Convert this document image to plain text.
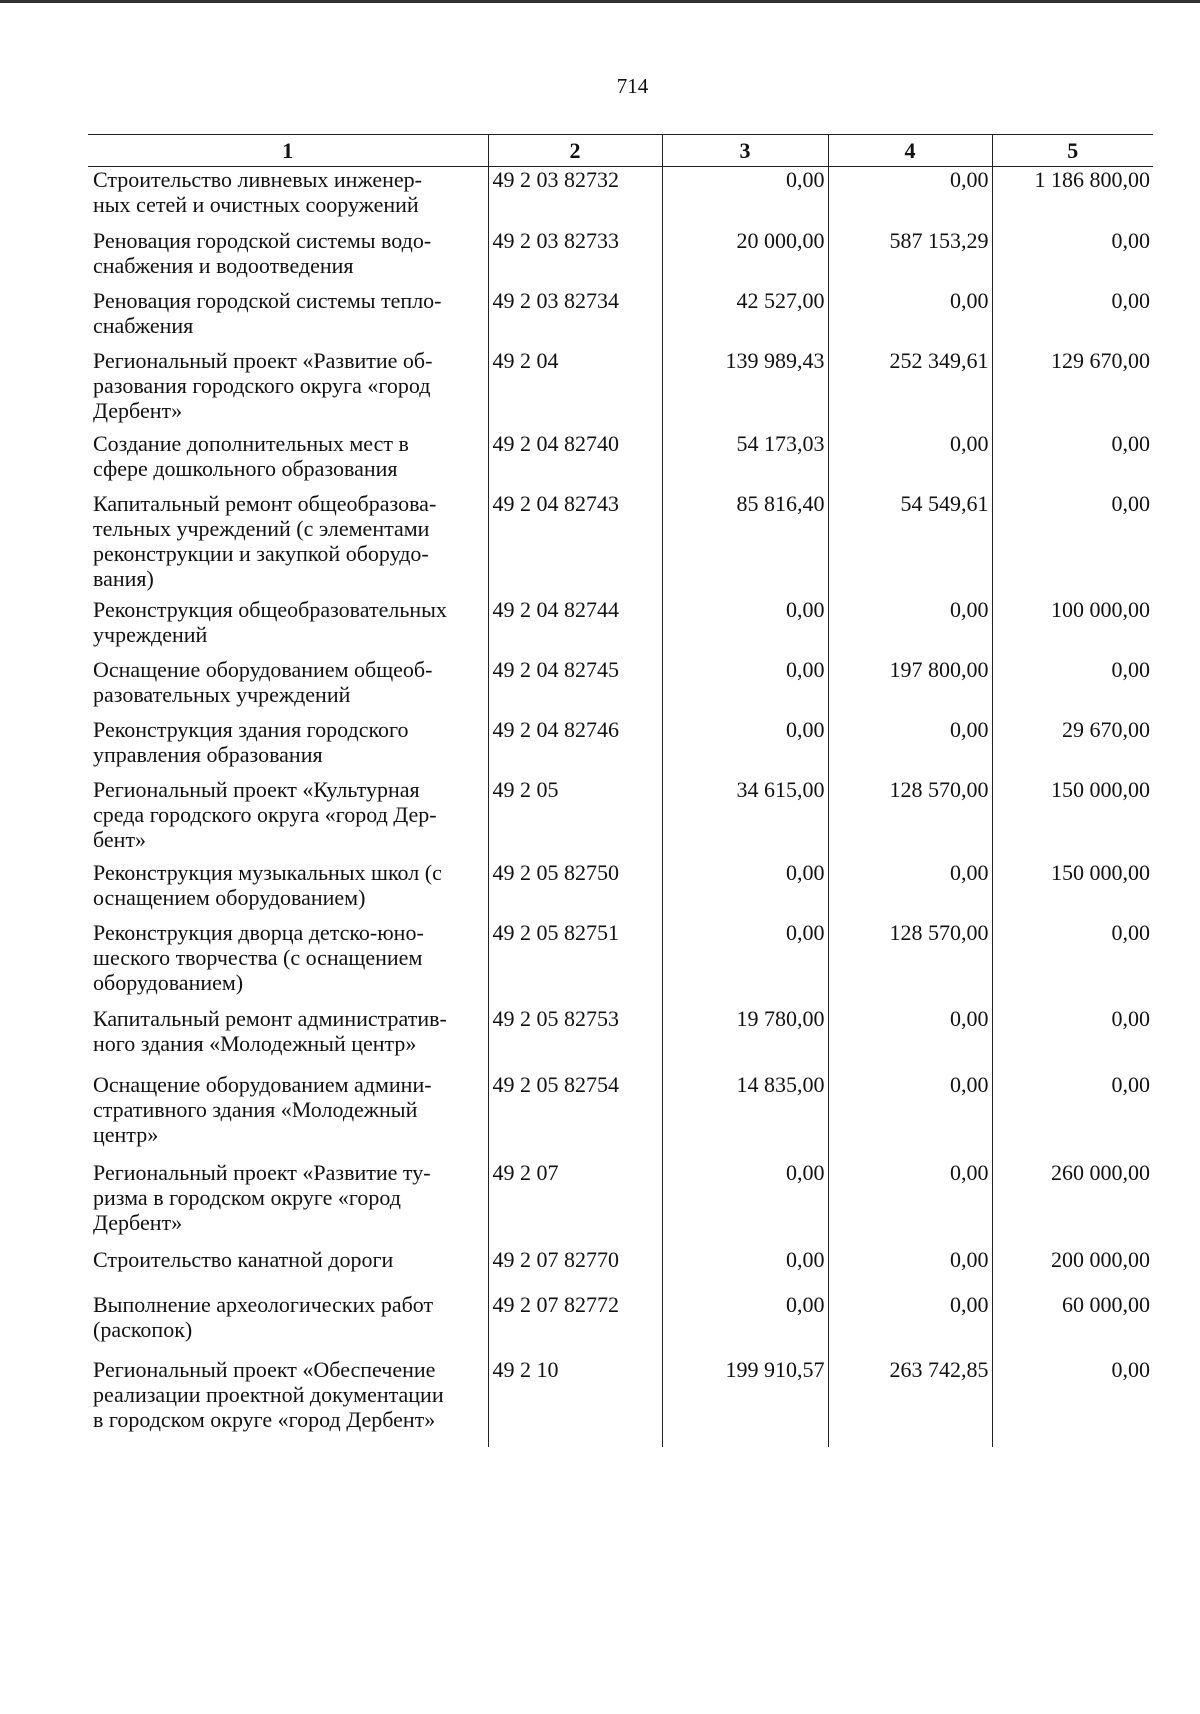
714
1	2	3	4	5
Строительство ливневых инженер-
ных сетей и очистных сооружений	49 2 03 82732	0,00	0,00	1 186 800,00
Реновация городской системы водо-
снабжения и водоотведения	49 2 03 82733	20 000,00	587 153,29	0,00
Реновация городской системы тепло-
снабжения	49 2 03 82734	42 527,00	0,00	0,00
Региональный проект «Развитие об-
разования городского округа «город
Дербент»	49 2 04	139 989,43	252 349,61	129 670,00
Создание дополнительных мест в
сфере дошкольного образования	49 2 04 82740	54 173,03	0,00	0,00
Капитальный ремонт общеобразова-
тельных учреждений (с элементами
реконструкции и закупкой оборудо-
вания)	49 2 04 82743	85 816,40	54 549,61	0,00
Реконструкция общеобразовательных
учреждений	49 2 04 82744	0,00	0,00	100 000,00
Оснащение оборудованием общеоб-
разовательных учреждений	49 2 04 82745	0,00	197 800,00	0,00
Реконструкция здания городского
управления образования	49 2 04 82746	0,00	0,00	29 670,00
Региональный проект «Культурная
среда городского округа «город Дер-
бент»	49 2 05	34 615,00	128 570,00	150 000,00
Реконструкция музыкальных школ (с
оснащением оборудованием)	49 2 05 82750	0,00	0,00	150 000,00
Реконструкция дворца детско-юно-
шеского творчества (с оснащением
оборудованием)	49 2 05 82751	0,00	128 570,00	0,00
Капитальный ремонт административ-
ного здания «Молодежный центр»	49 2 05 82753	19 780,00	0,00	0,00
Оснащение оборудованием админи-
стративного здания «Молодежный
центр»	49 2 05 82754	14 835,00	0,00	0,00
Региональный проект «Развитие ту-
ризма в городском округе «город
Дербент»	49 2 07	0,00	0,00	260 000,00
Строительство канатной дороги	49 2 07 82770	0,00	0,00	200 000,00
Выполнение археологических работ
(раскопок)	49 2 07 82772	0,00	0,00	60 000,00
Региональный проект «Обеспечение
реализации проектной документации
в городском округе «город Дербент»	49 2 10	199 910,57	263 742,85	0,00
